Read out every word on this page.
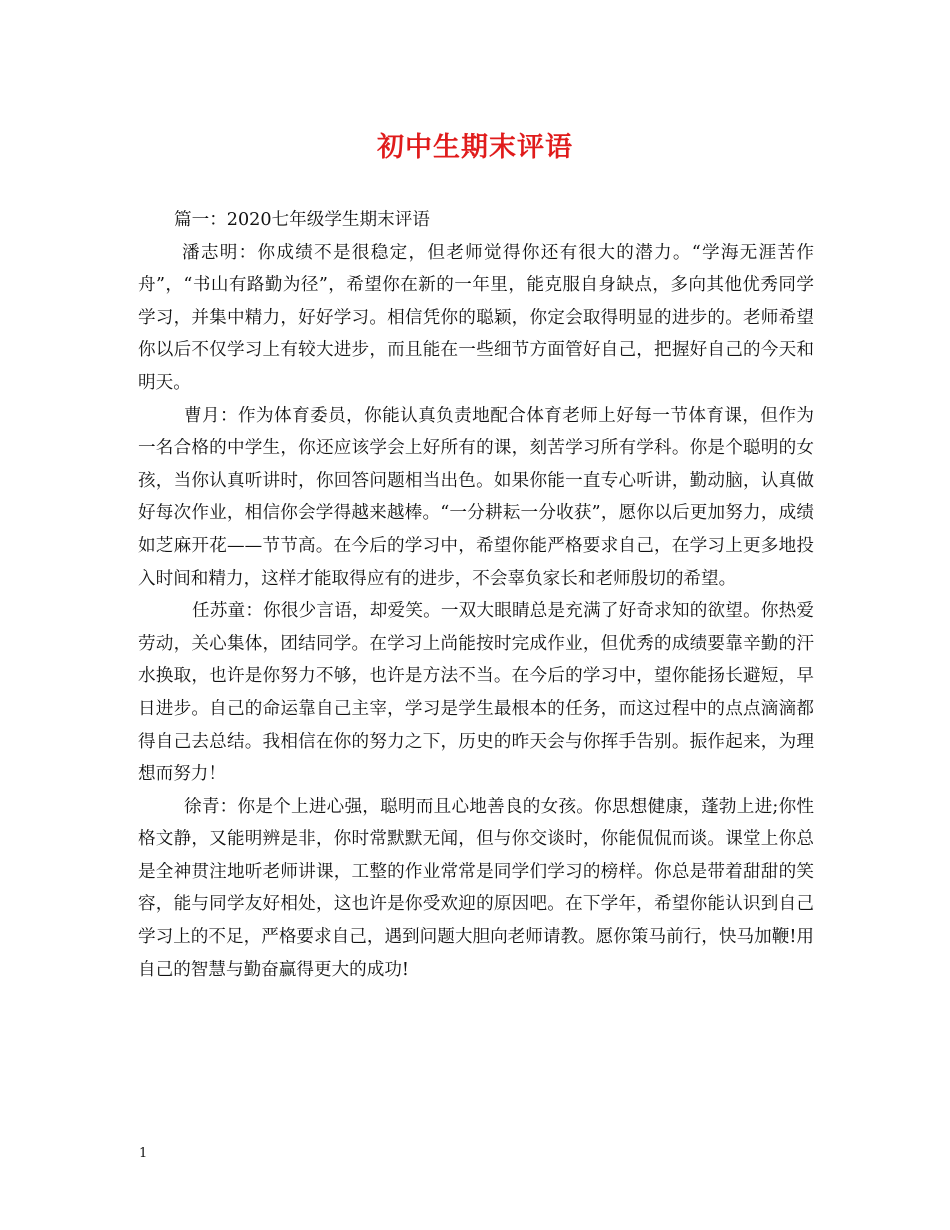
初中生期末评语

篇一：2020七年级学生期末评语

潘志明：你成绩不是很稳定，但老师觉得你还有很大的潜力。“学海无涯苦作舟”，“书山有路勤为径”，希望你在新的一年里，能克服自身缺点，多向其他优秀同学学习，并集中精力，好好学习。相信凭你的聪颖，你定会取得明显的进步的。老师希望你以后不仅学习上有较大进步，而且能在一些细节方面管好自己，把握好自己的今天和明天。

曹月：作为体育委员，你能认真负责地配合体育老师上好每一节体育课，但作为一名合格的中学生，你还应该学会上好所有的课，刻苦学习所有学科。你是个聪明的女孩，当你认真听讲时，你回答问题相当出色。如果你能一直专心听讲，勤动脑，认真做好每次作业，相信你会学得越来越棒。“一分耕耘一分收获”，愿你以后更加努力，成绩如芝麻开花——节节高。在今后的学习中，希望你能严格要求自己，在学习上更多地投入时间和精力，这样才能取得应有的进步，不会辜负家长和老师殷切的希望。

任苏童：你很少言语，却爱笑。一双大眼睛总是充满了好奇求知的欲望。你热爱劳动，关心集体，团结同学。在学习上尚能按时完成作业，但优秀的成绩要靠辛勤的汗水换取，也许是你努力不够，也许是方法不当。在今后的学习中，望你能扬长避短，早日进步。自己的命运靠自己主宰，学习是学生最根本的任务，而这过程中的点点滴滴都得自己去总结。我相信在你的努力之下，历史的昨天会与你挥手告别。振作起来，为理想而努力！

徐青：你是个上进心强，聪明而且心地善良的女孩。你思想健康，蓬勃上进;你性格文静，又能明辨是非，你时常默默无闻，但与你交谈时，你能侃侃而谈。课堂上你总是全神贯注地听老师讲课，工整的作业常常是同学们学习的榜样。你总是带着甜甜的笑容，能与同学友好相处，这也许是你受欢迎的原因吧。在下学年，希望你能认识到自己学习上的不足，严格要求自己，遇到问题大胆向老师请教。愿你策马前行，快马加鞭!用自己的智慧与勤奋赢得更大的成功!

1
